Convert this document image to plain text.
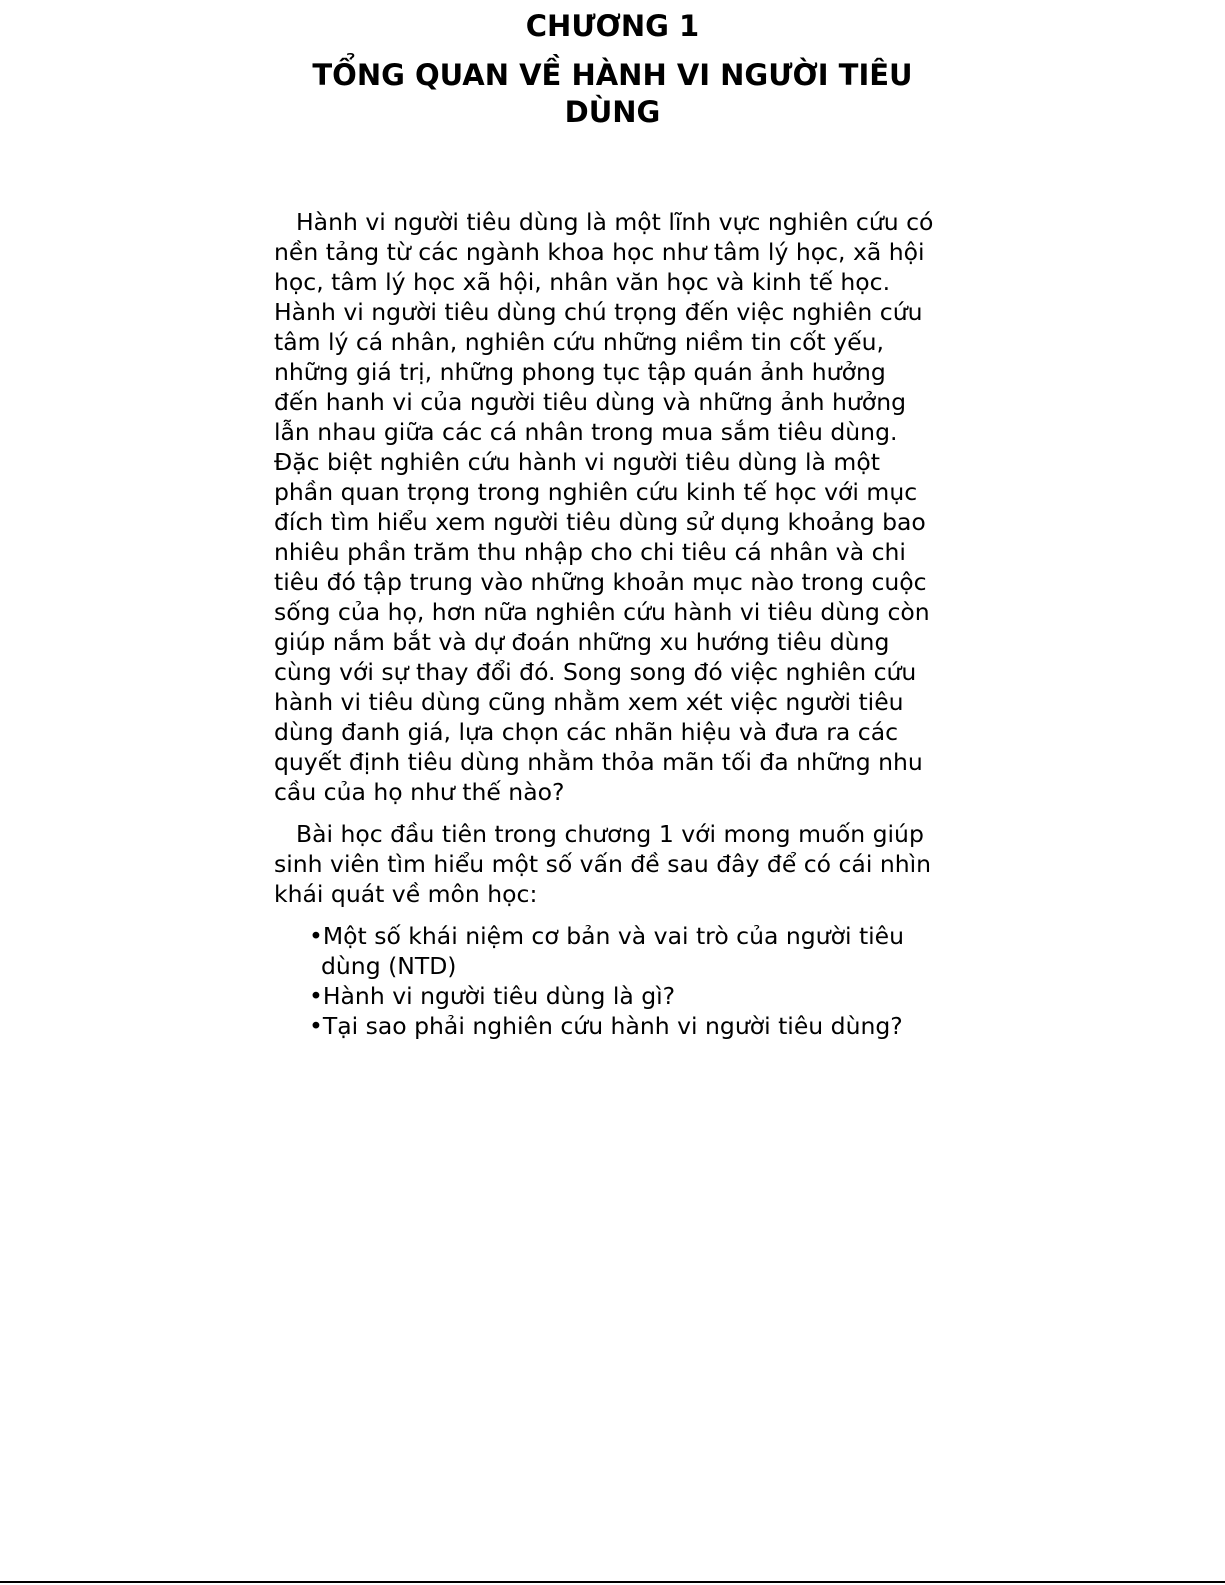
CHƯƠNG 1
TỔNG QUAN VỀ HÀNH VI NGƯỜI TIÊU DÙNG

Hành vi người tiêu dùng là một lĩnh vực nghiên cứu có
nền tảng từ các ngành khoa học như tâm lý học, xã hội
học, tâm lý học xã hội, nhân văn học và kinh tế học.
Hành vi người tiêu dùng chú trọng đến việc nghiên cứu
tâm lý cá nhân, nghiên cứu những niềm tin cốt yếu,
những giá trị, những phong tục tập quán ảnh hưởng
đến hanh vi của người tiêu dùng và những ảnh hưởng
lẫn nhau giữa các cá nhân trong mua sắm tiêu dùng.
Đặc biệt nghiên cứu hành vi người tiêu dùng là một
phần quan trọng trong nghiên cứu kinh tế học với mục
đích tìm hiểu xem người tiêu dùng sử dụng khoảng bao
nhiêu phần trăm thu nhập cho chi tiêu cá nhân và chi
tiêu đó tập trung vào những khoản mục nào trong cuộc
sống của họ, hơn nữa nghiên cứu hành vi tiêu dùng còn
giúp nắm bắt và dự đoán những xu hướng tiêu dùng
cùng với sự thay đổi đó. Song song đó việc nghiên cứu
hành vi tiêu dùng cũng nhằm xem xét việc người tiêu
dùng đanh giá, lựa chọn các nhãn hiệu và đưa ra các
quyết định tiêu dùng nhằm thỏa mãn tối đa những nhu
cầu của họ như thế nào?

Bài học đầu tiên trong chương 1 với mong muốn giúp
sinh viên tìm hiểu một số vấn đề sau đây để có cái nhìn
khái quát về môn học:

•Một số khái niệm cơ bản và vai trò của người tiêu
dùng (NTD)
•Hành vi người tiêu dùng là gì?
•Tại sao phải nghiên cứu hành vi người tiêu dùng?
